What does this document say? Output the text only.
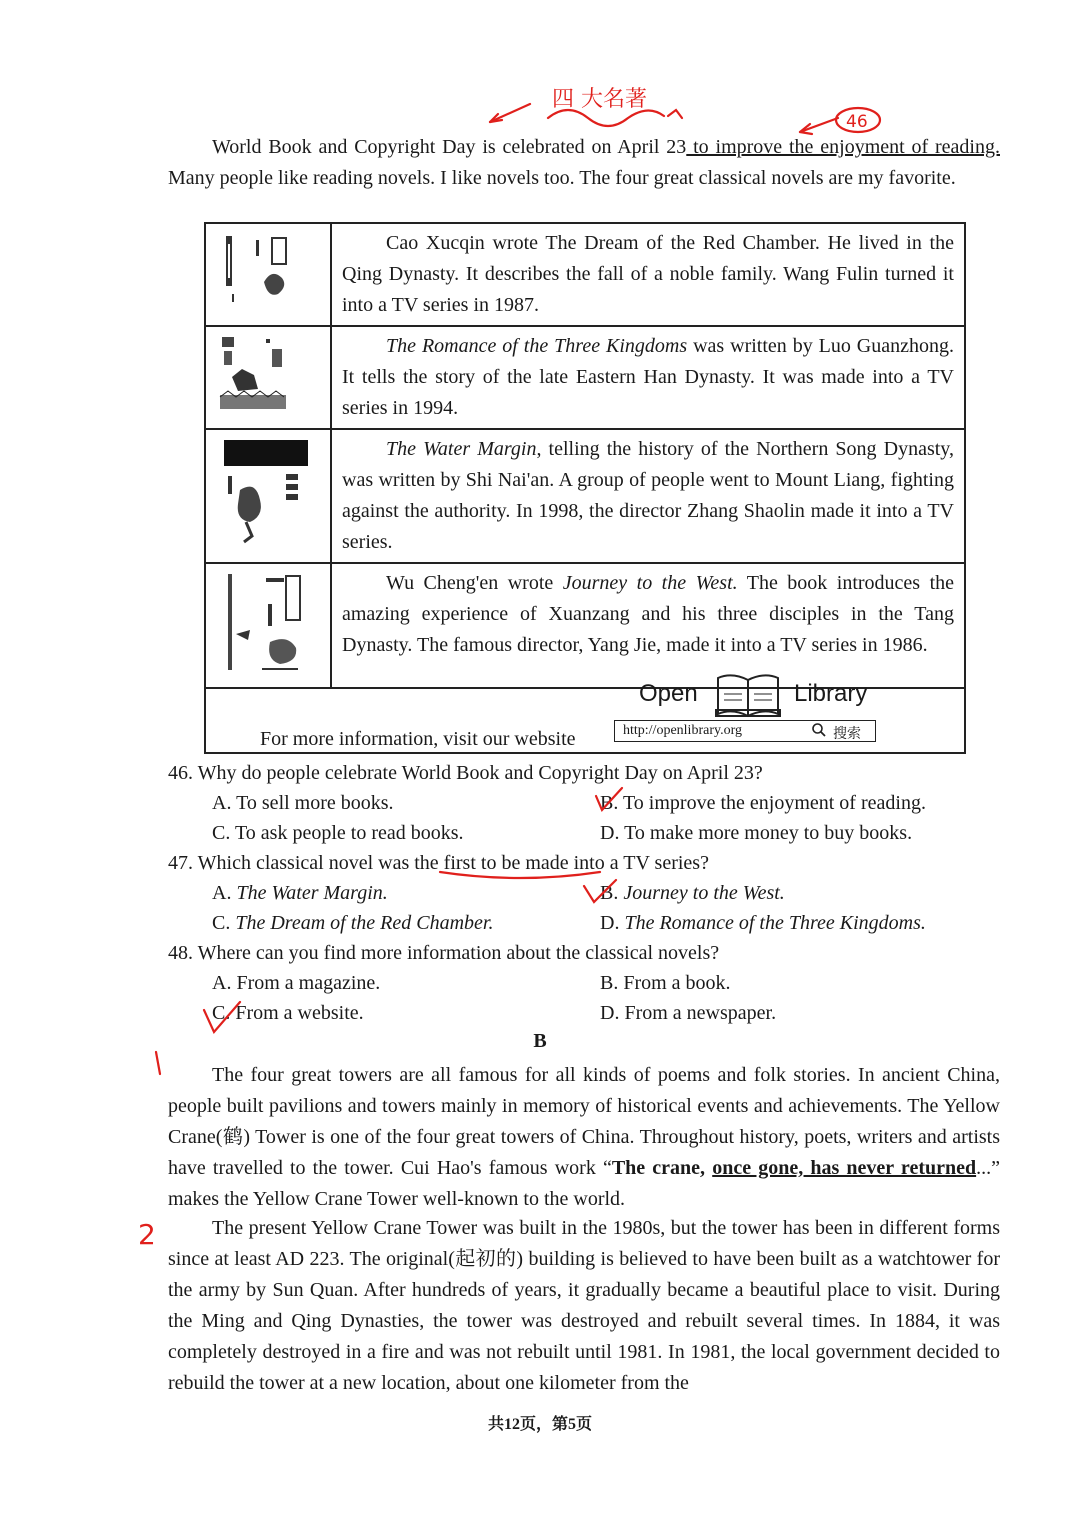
World Book and Copyright Day is celebrated on April 23 to improve the enjoyment of reading. Many people like reading novels. I like novels too. The four great classical novels are my favorite.

	Cao Xucqin wrote The Dream of the Red Chamber. He lived in the Qing Dynasty. It describes the fall of a noble family. Wang Fulin turned it into a TV series in 1987.
	The Romance of the Three Kingdoms was written by Luo Guanzhong. It tells the story of the late Eastern Han Dynasty. It was made into a TV series in 1994.
	The Water Margin, telling the history of the Northern Song Dynasty, was written by Shi Nai'an. A group of people went to Mount Liang, fighting against the authority. In 1998, the director Zhang Shaolin made it into a TV series.
	Wu Cheng'en wrote Journey to the West. The book introduces the amazing experience of Xuanzang and his three disciples in the Tang Dynasty. The famous director, Yang Jie, made it into a TV series in 1986.
Open	Library
For more information, visit our website	http://openlibrary.org	搜索
46. Why do people celebrate World Book and Copyright Day on April 23?
A. To sell more books.	B. To improve the enjoyment of reading.
C. To ask people to read books.	D. To make more money to buy books.
47. Which classical novel was the first to be made into a TV series?
A. The Water Margin.	B. Journey to the West.
C. The Dream of the Red Chamber.	D. The Romance of the Three Kingdoms.
48. Where can you find more information about the classical novels?
A. From a magazine.	B. From a book.
C. From a website.	D. From a newspaper.
B

The four great towers are all famous for all kinds of poems and folk stories. In ancient China, people built pavilions and towers mainly in memory of historical events and achievements. The Yellow Crane(鹤) Tower is one of the four great towers of China. Throughout history, poets, writers and artists have travelled to the tower. Cui Hao's famous work “The crane, once gone, has never returned...” makes the Yellow Crane Tower well-known to the world.

The present Yellow Crane Tower was built in the 1980s, but the tower has been in different forms since at least AD 223. The original(起初的) building is believed to have been built as a watchtower for the army by Sun Quan. After hundreds of years, it gradually became a beautiful place to visit. During the Ming and Qing Dynasties, the tower was destroyed and rebuilt several times. In 1884, it was completely destroyed in a fire and was not rebuilt until 1981. In 1981, the local government decided to rebuild the tower at a new location, about one kilometer from the

共12页，第5页
四 大名著
46
2
